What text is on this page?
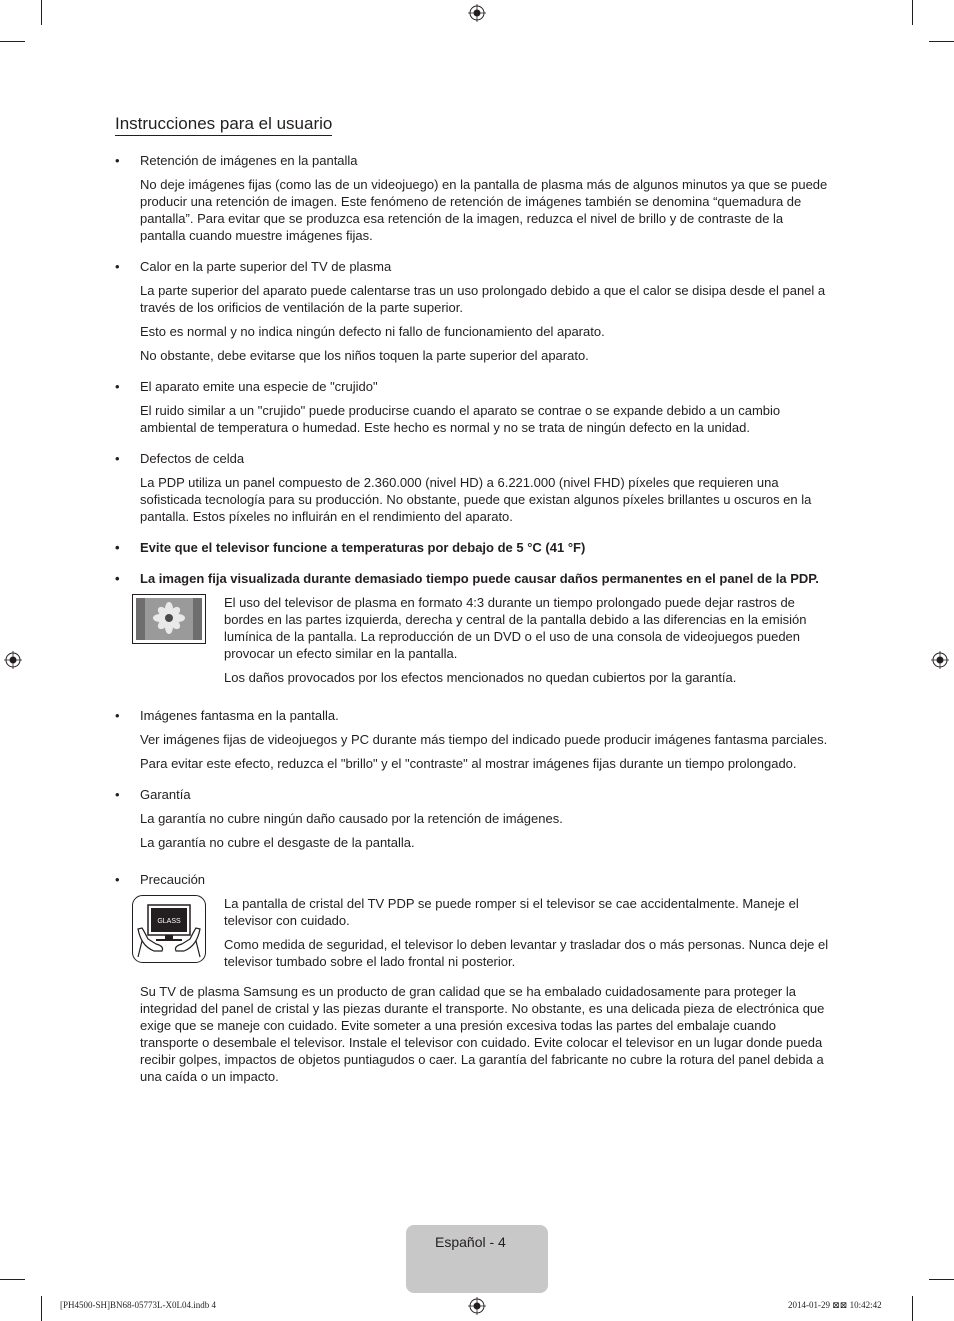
Instrucciones para el usuario
• Retención de imágenes en la pantalla
No deje imágenes fijas (como las de un videojuego) en la pantalla de plasma más de algunos minutos ya que se puede producir una retención de imagen. Este fenómeno de retención de imágenes también se denomina “quemadura de pantalla”. Para evitar que se produzca esa retención de la imagen, reduzca el nivel de brillo y de contraste de la pantalla cuando muestre imágenes fijas.
• Calor en la parte superior del TV de plasma
La parte superior del aparato puede calentarse tras un uso prolongado debido a que el calor se disipa desde el panel a través de los orificios de ventilación de la parte superior.
Esto es normal y no indica ningún defecto ni fallo de funcionamiento del aparato.
No obstante, debe evitarse que los niños toquen la parte superior del aparato.
• El aparato emite una especie de "crujido"
El ruido similar a un "crujido" puede producirse cuando el aparato se contrae o se expande debido a un cambio ambiental de temperatura o humedad. Este hecho es normal y no se trata de ningún defecto en la unidad.
• Defectos de celda
La PDP utiliza un panel compuesto de 2.360.000 (nivel HD) a 6.221.000 (nivel FHD) píxeles que requieren una sofisticada tecnología para su producción. No obstante, puede que existan algunos píxeles brillantes u oscuros en la pantalla. Estos píxeles no influirán en el rendimiento del aparato.
• Evite que el televisor funcione a temperaturas por debajo de 5 °C (41 °F)
• La imagen fija visualizada durante demasiado tiempo puede causar daños permanentes en el panel de la PDP.
El uso del televisor de plasma en formato 4:3 durante un tiempo prolongado puede dejar rastros de bordes en las partes izquierda, derecha y central de la pantalla debido a las diferencias en la emisión lumínica de la pantalla. La reproducción de un DVD o el uso de una consola de videojuegos pueden provocar un efecto similar en la pantalla.
Los daños provocados por los efectos mencionados no quedan cubiertos por la garantía.
• Imágenes fantasma en la pantalla.
Ver imágenes fijas de videojuegos y PC durante más tiempo del indicado puede producir imágenes fantasma parciales.
Para evitar este efecto, reduzca el "brillo" y el "contraste" al mostrar imágenes fijas durante un tiempo prolongado.
• Garantía
La garantía no cubre ningún daño causado por la retención de imágenes.
La garantía no cubre el desgaste de la pantalla.
• Precaución
GLASS
La pantalla de cristal del TV PDP se puede romper si el televisor se cae accidentalmente. Maneje el televisor con cuidado.
Como medida de seguridad, el televisor lo deben levantar y trasladar dos o más personas. Nunca deje el televisor tumbado sobre el lado frontal ni posterior.
Su TV de plasma Samsung es un producto de gran calidad que se ha embalado cuidadosamente para proteger la integridad del panel de cristal y las piezas durante el transporte. No obstante, es una delicada pieza de electrónica que exige que se maneje con cuidado. Evite someter a una presión excesiva todas las partes del embalaje cuando transporte o desembale el televisor. Instale el televisor con cuidado. Evite colocar el televisor en un lugar donde pueda recibir golpes, impactos de objetos puntiagudos o caer. La garantía del fabricante no cubre la rotura del panel debida a una caída o un impacto.
Español - 4
[PH4500-SH]BN68-05773L-X0L04.indb 4	2014-01-29 ⊠⊠ 10:42:42
